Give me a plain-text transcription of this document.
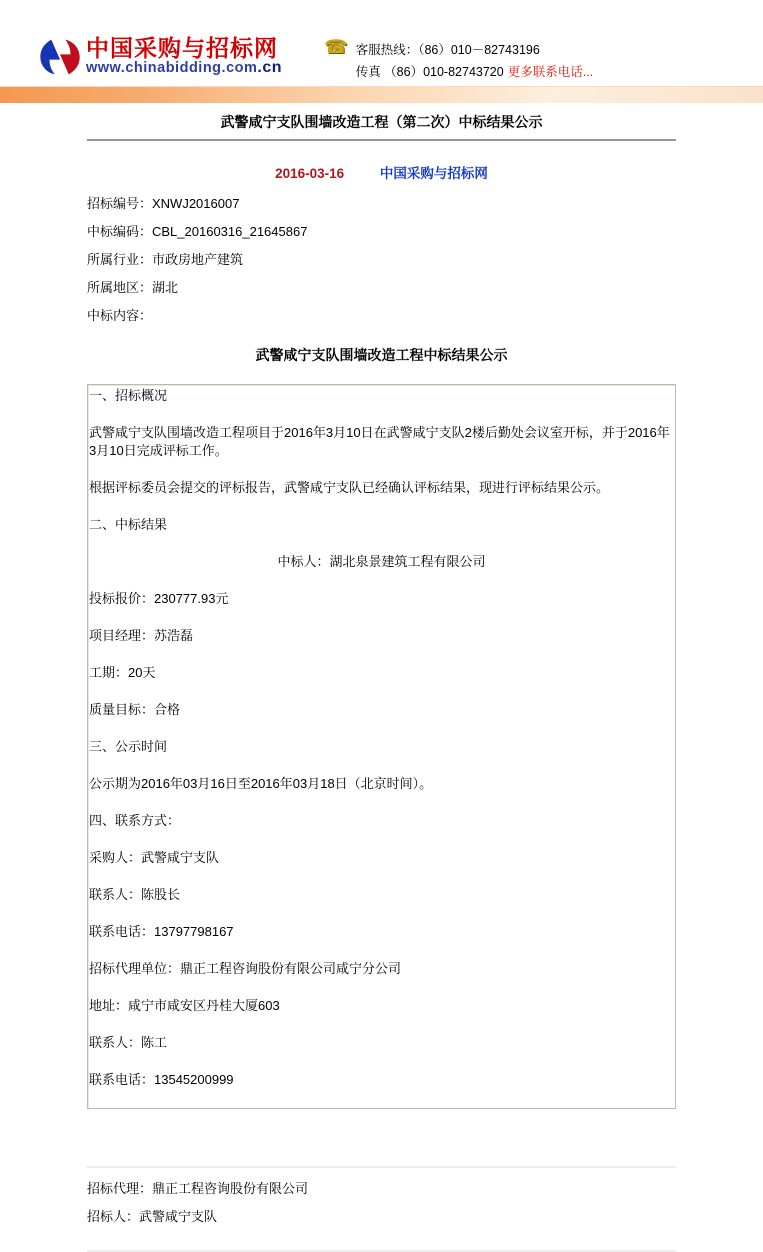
中国采购与招标网
www.chinabidding.com.cn
☎ 客服热线：（86）010－82743196
传真 （86）010-82743720 更多联系电话...
武警咸宁支队围墙改造工程（第二次）中标结果公示
2016-03-16	中国采购与招标网

招标编号：XNWJ2016007

中标编码：CBL_20160316_21645867

所属行业：市政房地产建筑

所属地区：湖北

中标内容：

武警咸宁支队围墙改造工程中标结果公示

一、招标概况

武警咸宁支队围墙改造工程项目于2016年3月10日在武警咸宁支队2楼后勤处会议室开标，并于2016年3月10日完成评标工作。

根据评标委员会提交的评标报告，武警咸宁支队已经确认评标结果，现进行评标结果公示。

二、中标结果

中标人：湖北泉景建筑工程有限公司

投标报价：230777.93元

项目经理：苏浩磊

工期：20天

质量目标：合格

三、公示时间

公示期为2016年03月16日至2016年03月18日（北京时间）。

四、联系方式：

采购人：武警咸宁支队

联系人：陈股长

联系电话：13797798167

招标代理单位：鼎正工程咨询股份有限公司咸宁分公司

地址：咸宁市咸安区丹桂大厦603

联系人：陈工

联系电话：13545200999

招标代理：鼎正工程咨询股份有限公司

招标人：武警咸宁支队
